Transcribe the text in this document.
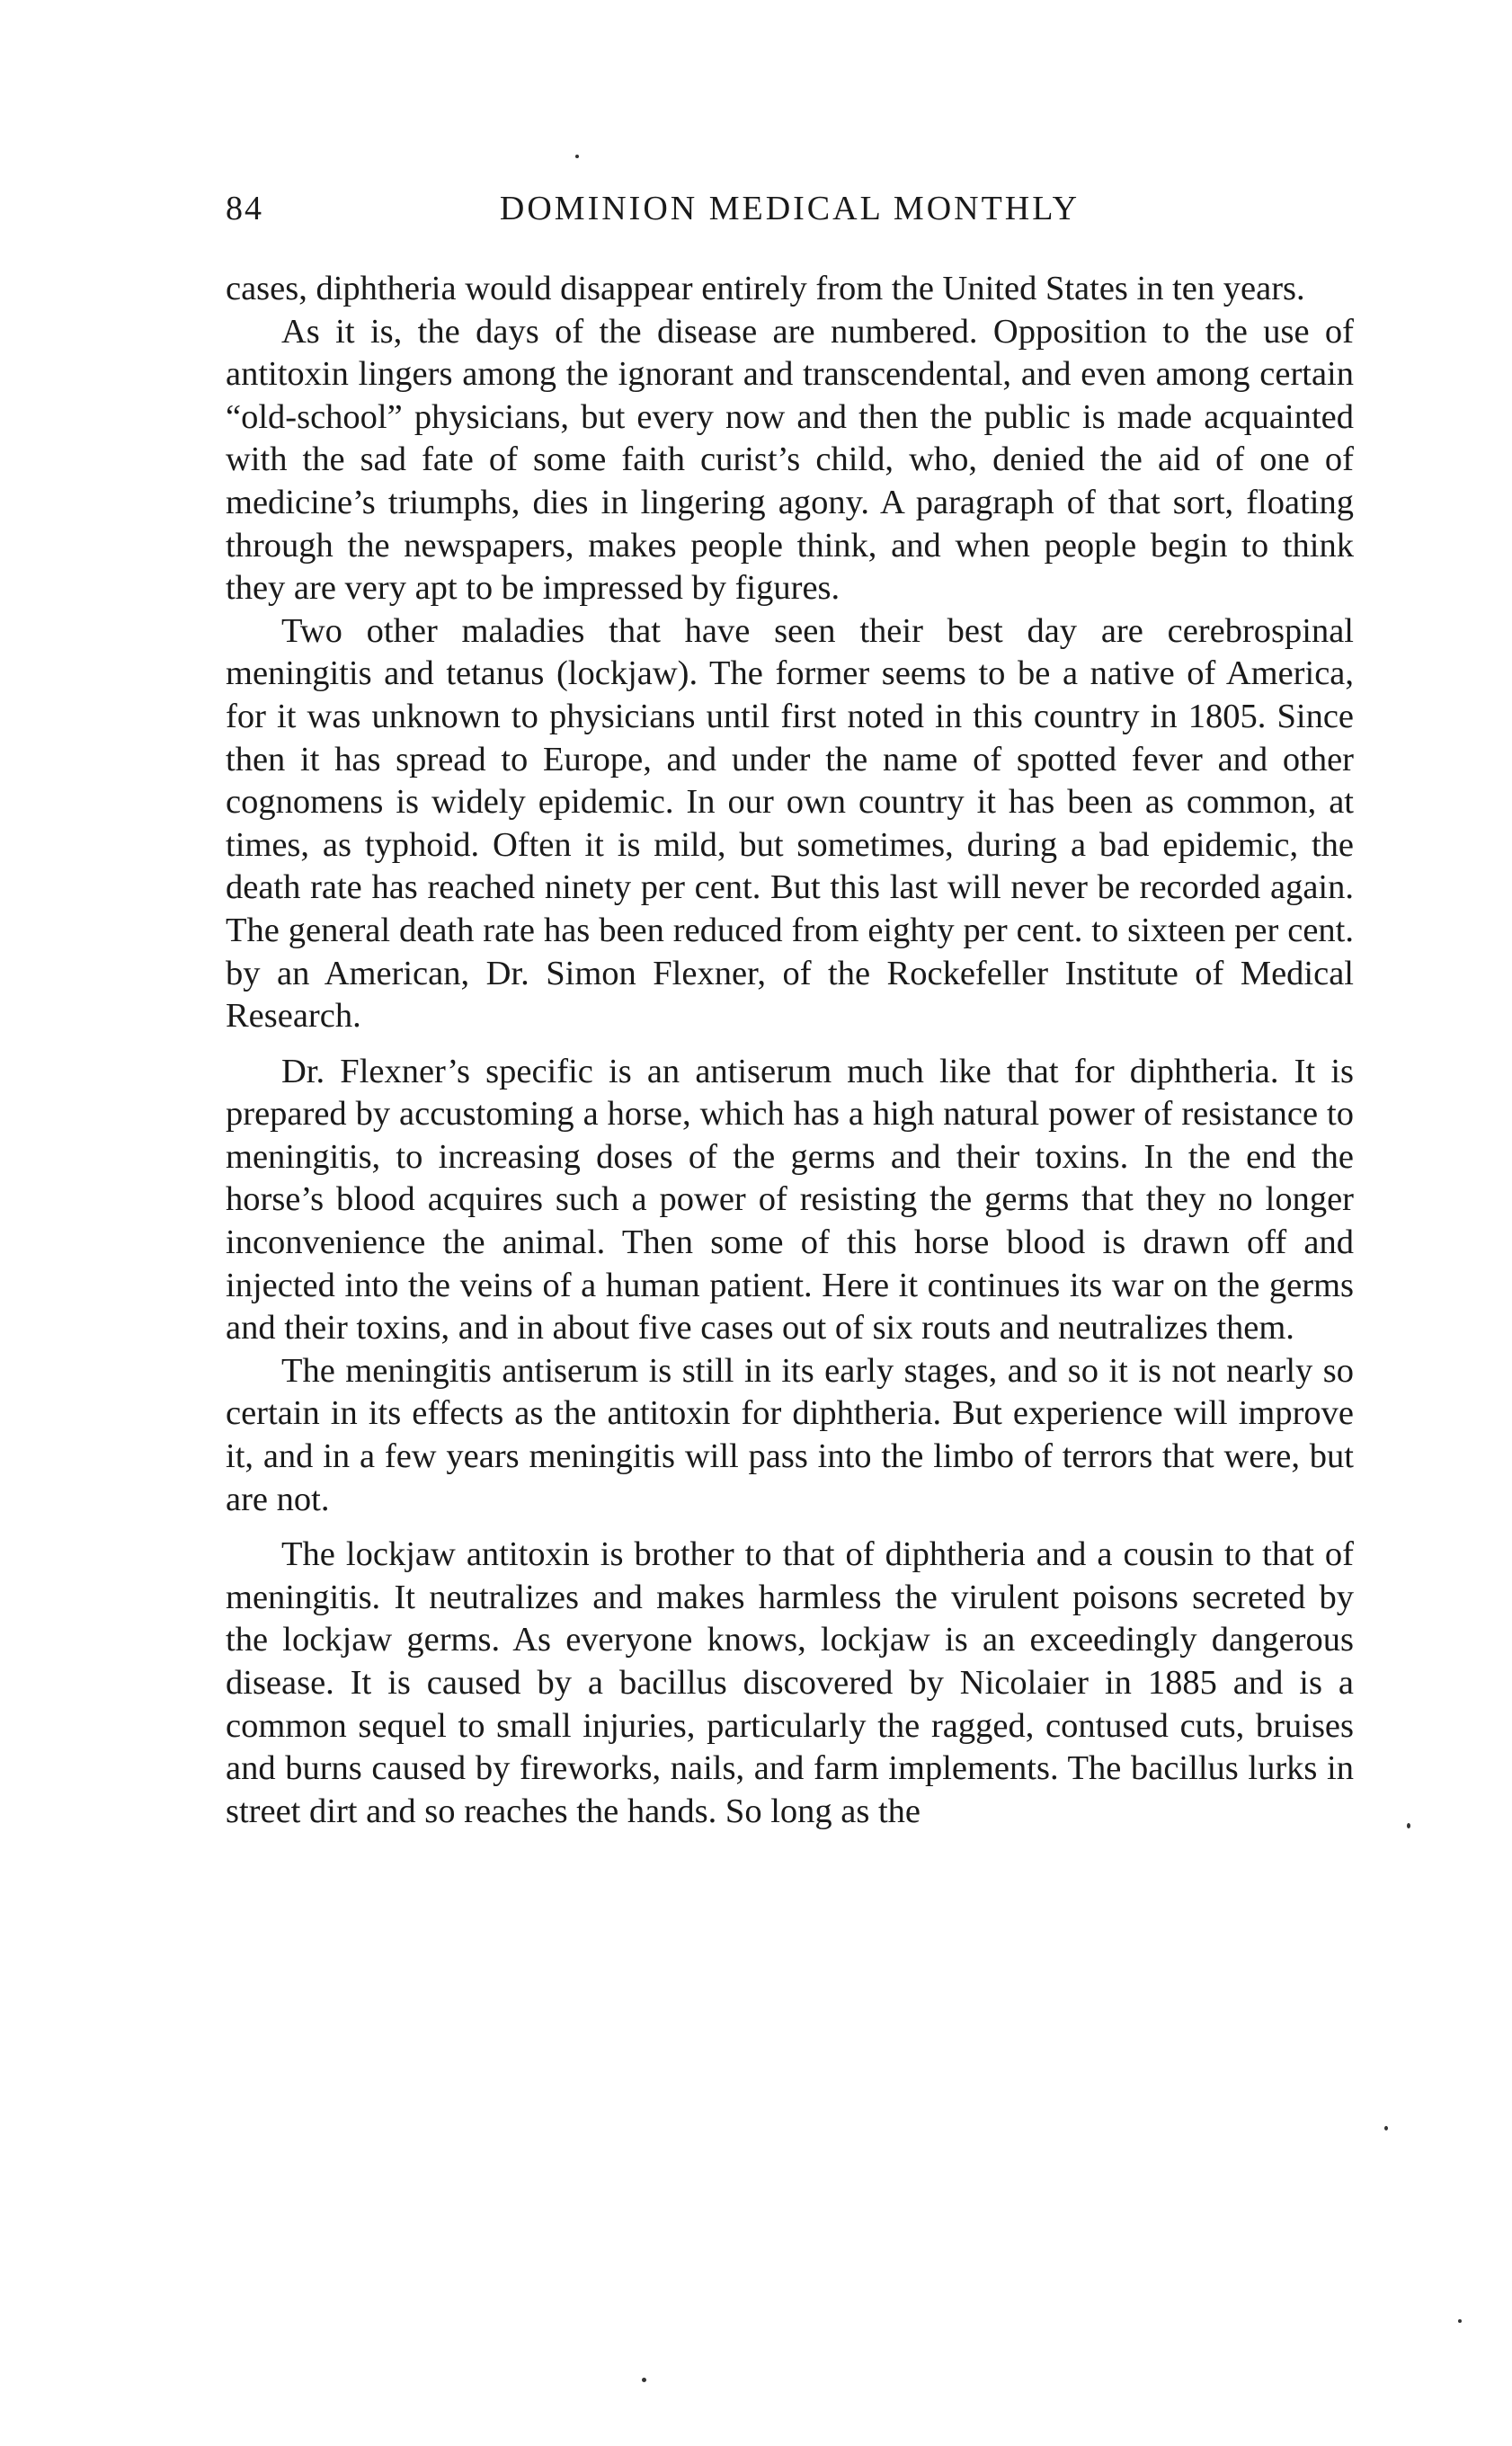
84	DOMINION MEDICAL MONTHLY

cases, diphtheria would disappear entirely from the United States in ten years.

As it is, the days of the disease are numbered. Opposition to the use of antitoxin lingers among the ignorant and transcendental, and even among certain “old-school” physicians, but every now and then the public is made acquainted with the sad fate of some faith curist’s child, who, denied the aid of one of medicine’s triumphs, dies in lingering agony. A paragraph of that sort, floating through the newspapers, makes people think, and when people begin to think they are very apt to be impressed by figures.

Two other maladies that have seen their best day are cerebrospinal meningitis and tetanus (lockjaw). The former seems to be a native of America, for it was unknown to physicians until first noted in this country in 1805. Since then it has spread to Europe, and under the name of spotted fever and other cognomens is widely epidemic. In our own country it has been as common, at times, as typhoid. Often it is mild, but sometimes, during a bad epidemic, the death rate has reached ninety per cent. But this last will never be recorded again. The general death rate has been reduced from eighty per cent. to sixteen per cent. by an American, Dr. Simon Flexner, of the Rockefeller Institute of Medical Research.

Dr. Flexner’s specific is an antiserum much like that for diphtheria. It is prepared by accustoming a horse, which has a high natural power of resistance to meningitis, to increasing doses of the germs and their toxins. In the end the horse’s blood acquires such a power of resisting the germs that they no longer inconvenience the animal. Then some of this horse blood is drawn off and injected into the veins of a human patient. Here it continues its war on the germs and their toxins, and in about five cases out of six routs and neutralizes them.

The meningitis antiserum is still in its early stages, and so it is not nearly so certain in its effects as the antitoxin for diphtheria. But experience will improve it, and in a few years meningitis will pass into the limbo of terrors that were, but are not.

The lockjaw antitoxin is brother to that of diphtheria and a cousin to that of meningitis. It neutralizes and makes harmless the virulent poisons secreted by the lockjaw germs. As everyone knows, lockjaw is an exceedingly dangerous disease. It is caused by a bacillus discovered by Nicolaier in 1885 and is a common sequel to small injuries, particularly the ragged, contused cuts, bruises and burns caused by fireworks, nails, and farm implements. The bacillus lurks in street dirt and so reaches the hands. So long as the
